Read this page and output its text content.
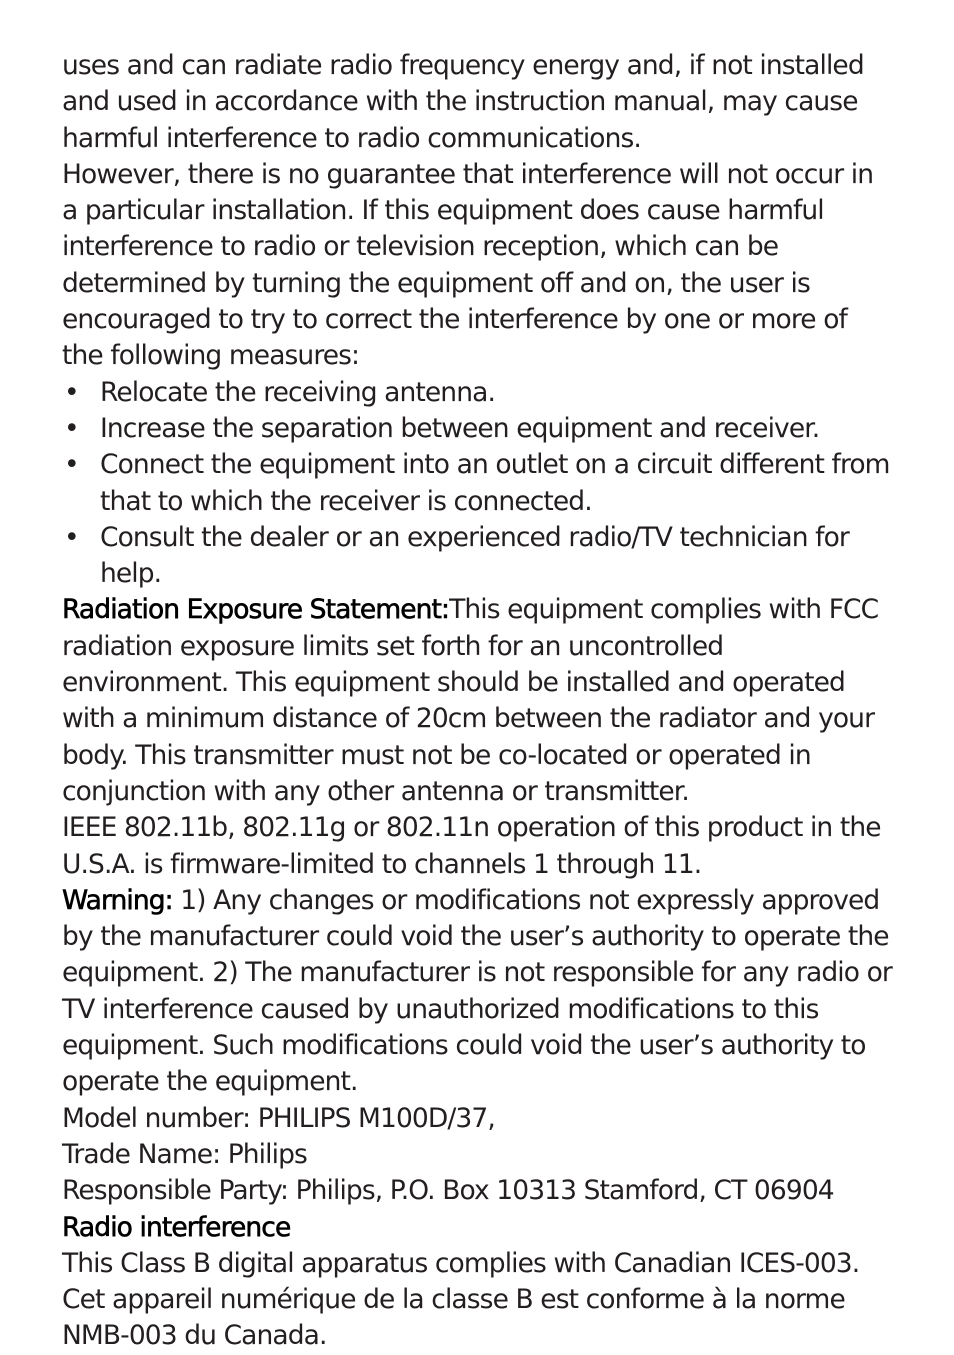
uses and can radiate radio frequency energy and, if not installed and used in accordance with the instruction manual, may cause harmful interference to radio communications.

However, there is no guarantee that interference will not occur in a particular installation. If this equipment does cause harmful interference to radio or television reception, which can be determined by turning the equipment off and on, the user is encouraged to try to correct the interference by one or more of the following measures:

• Relocate the receiving antenna.
• Increase the separation between equipment and receiver.
• Connect the equipment into an outlet on a circuit different from that to which the receiver is connected.
• Consult the dealer or an experienced radio/TV technician for help.

Radiation Exposure Statement:This equipment complies with FCC radiation exposure limits set forth for an uncontrolled environment. This equipment should be installed and operated with a minimum distance of 20cm between the radiator and your body. This transmitter must not be co-located or operated in conjunction with any other antenna or transmitter.

IEEE 802.11b, 802.11g or 802.11n operation of this product in the U.S.A. is firmware-limited to channels 1 through 11.

Warning: 1) Any changes or modifications not expressly approved by the manufacturer could void the user’s authority to operate the equipment. 2) The manufacturer is not responsible for any radio or TV interference caused by unauthorized modifications to this equipment. Such modifications could void the user’s authority to operate the equipment.

Model number: PHILIPS M100D/37,

Trade Name: Philips

Responsible Party: Philips, P.O. Box 10313 Stamford, CT 06904

Radio interference

This Class B digital apparatus complies with Canadian ICES-003.

Cet appareil numérique de la classe B est conforme à la norme NMB-003 du Canada.
